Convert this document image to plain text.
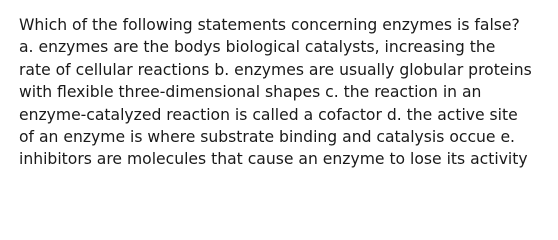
Which of the following statements concerning enzymes is false?
a. enzymes are the bodys biological catalysts, increasing the
rate of cellular reactions b. enzymes are usually globular proteins
with flexible three-dimensional shapes c. the reaction in an
enzyme-catalyzed reaction is called a cofactor d. the active site
of an enzyme is where substrate binding and catalysis occue e.
inhibitors are molecules that cause an enzyme to lose its activity
